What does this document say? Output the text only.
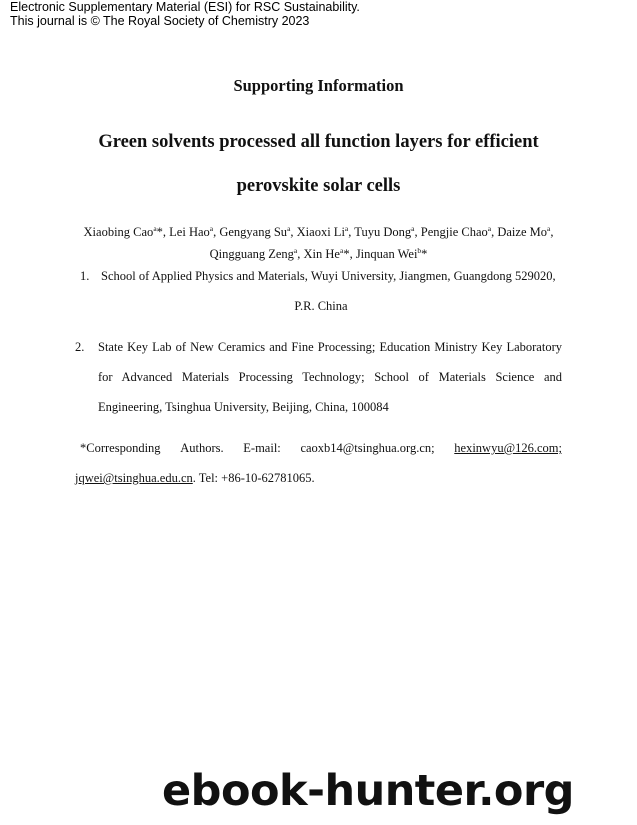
Electronic Supplementary Material (ESI) for RSC Sustainability.
This journal is © The Royal Society of Chemistry 2023
Supporting Information
Green solvents processed all function layers for efficient
perovskite solar cells
Xiaobing Cao$^a$*, Lei Hao$^a$, Gengyang Su$^a$, Xiaoxi Li$^a$, Tuyu Dong$^a$, Pengjie Chao$^a$, Daize Mo$^a$,
Qingguang Zeng$^a$, Xin He$^a$*, Jinquan Wei$^b$*
1. School of Applied Physics and Materials, Wuyi University, Jiangmen, Guangdong 529020,
P.R. China
2. State Key Lab of New Ceramics and Fine Processing; Education Ministry Key Laboratory for Advanced Materials Processing Technology; School of Materials Science and Engineering, Tsinghua University, Beijing, China, 100084
*Corresponding Authors. E-mail: caoxb14@tsinghua.org.cn; hexinwyu@126.com;
jqwei@tsinghua.edu.cn. Tel: +86-10-62781065.
ebook-hunter.org
